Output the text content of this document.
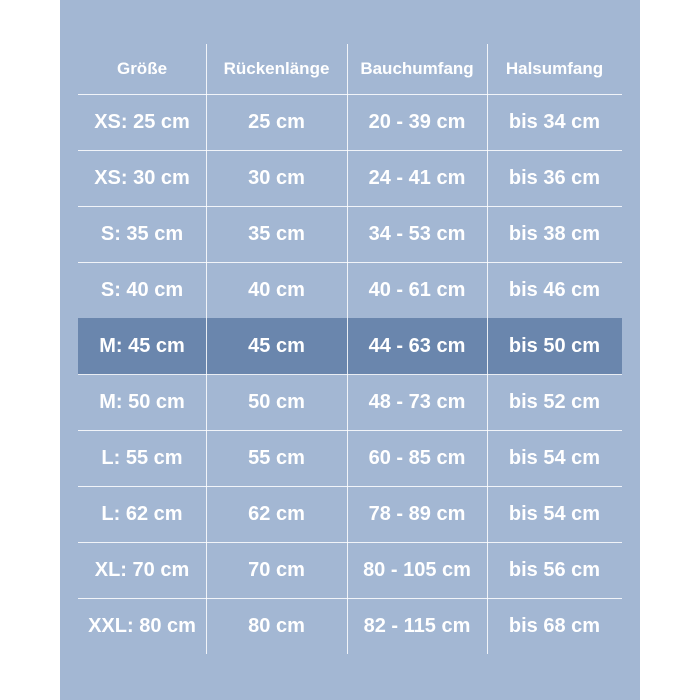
Größe	Rückenlänge	Bauchumfang	Halsumfang
XS: 25 cm	25 cm	20 - 39 cm	bis 34 cm
XS: 30 cm	30 cm	24 - 41 cm	bis 36 cm
S: 35 cm	35 cm	34 - 53 cm	bis 38 cm
S: 40 cm	40 cm	40 - 61 cm	bis 46 cm
M: 45 cm	45 cm	44 - 63 cm	bis 50 cm
M: 50 cm	50 cm	48 - 73 cm	bis 52 cm
L: 55 cm	55 cm	60 - 85 cm	bis 54 cm
L: 62 cm	62 cm	78 - 89 cm	bis 54 cm
XL: 70 cm	70 cm	80 - 105 cm	bis 56 cm
XXL: 80 cm	80 cm	82 - 115 cm	bis 68 cm
